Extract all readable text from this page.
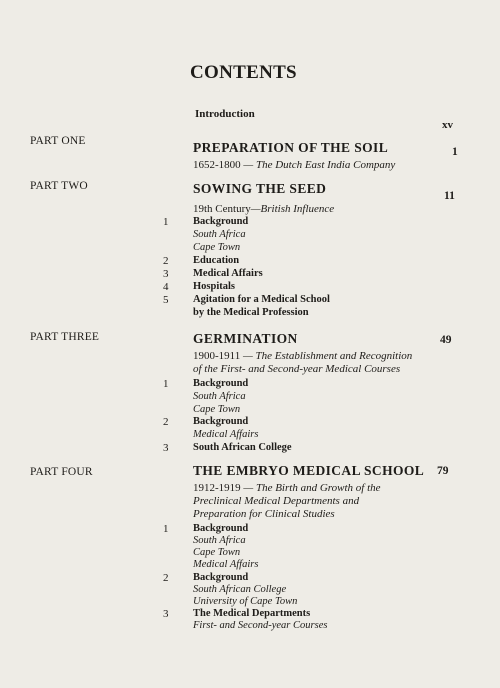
CONTENTS
Introduction
xv
PART ONE	PREPARATION OF THE SOIL	1
1652-1800 — The Dutch East India Company
PART TWO	SOWING THE SEED	11
19th Century—British Influence
1 Background
South Africa
Cape Town
2 Education
3 Medical Affairs
4 Hospitals
5 Agitation for a Medical School
by the Medical Profession
PART THREE	GERMINATION	49
1900-1911 — The Establishment and Recognition
of the First- and Second-year Medical Courses
1 Background
South Africa
Cape Town
2 Background
Medical Affairs
3 South African College
PART FOUR	THE EMBRYO MEDICAL SCHOOL 79
1912-1919 — The Birth and Growth of the
Preclinical Medical Departments and
Preparation for Clinical Studies
1 Background
South Africa
Cape Town
Medical Affairs
2 Background
South African College
University of Cape Town
3 The Medical Departments
First- and Second-year Courses
